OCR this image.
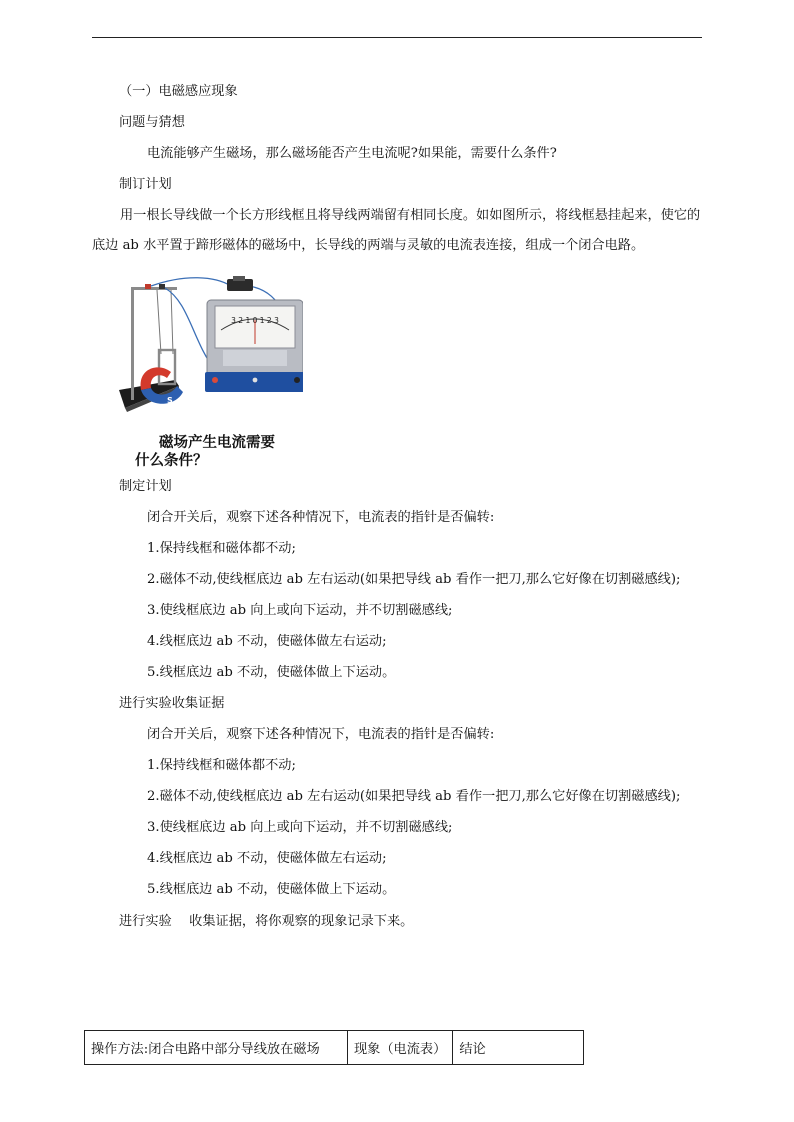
（一）电磁感应现象
问题与猜想
电流能够产生磁场，那么磁场能否产生电流呢?如果能，需要什么条件?
制订计划
用一根长导线做一个长方形线框且将导线两端留有相同长度。如如图所示，将线框悬挂起来，使它的底边 ab 水平置于蹄形磁体的磁场中，长导线的两端与灵敏的电流表连接，组成一个闭合电路。
3 2 1 0 1 2 3
S
磁场产生电流需要
什么条件？
制定计划
闭合开关后，观察下述各种情况下，电流表的指针是否偏转:
1.保持线框和磁体都不动;
2.磁体不动,使线框底边 ab 左右运动(如果把导线 ab 看作一把刀,那么它好像在切割磁感线);
3.使线框底边 ab 向上或向下运动，并不切割磁感线;
4.线框底边 ab 不动，使磁体做左右运动;
5.线框底边 ab 不动，使磁体做上下运动。
进行实验收集证据
闭合开关后，观察下述各种情况下，电流表的指针是否偏转:
1.保持线框和磁体都不动;
2.磁体不动,使线框底边 ab 左右运动(如果把导线 ab 看作一把刀,那么它好像在切割磁感线);
3.使线框底边 ab 向上或向下运动，并不切割磁感线;
4.线框底边 ab 不动，使磁体做左右运动;
5.线框底边 ab 不动，使磁体做上下运动。
进行实验　 收集证据，将你观察的现象记录下来。
操作方法:闭合电路中部分导线放在磁场	现象（电流表）	结论
